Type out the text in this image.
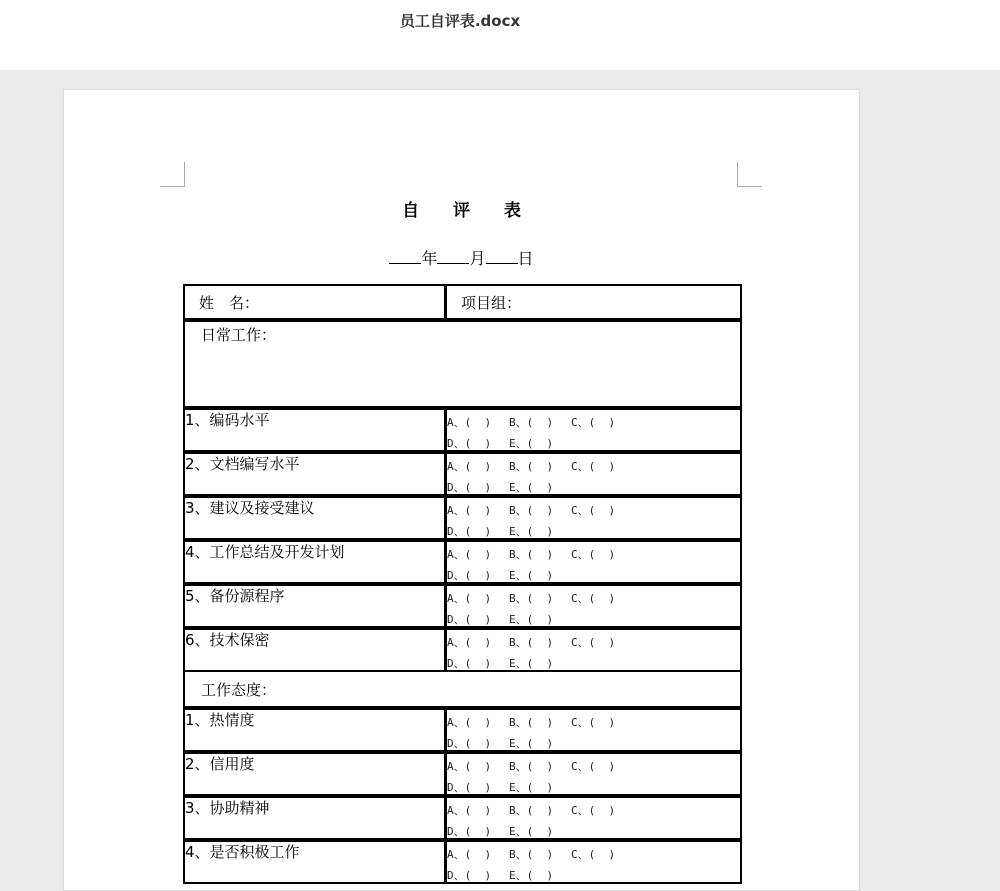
员工自评表.docx
自 评 表
年 月 日
姓　名：	项目组：
日常工作：
1、编码水平	A、(  )	B、(  )	C、(  )
D、(  )	E、(  )
2、文档编写水平	A、(  )	B、(  )	C、(  )
D、(  )	E、(  )
3、建议及接受建议	A、(  )	B、(  )	C、(  )
D、(  )	E、(  )
4、工作总结及开发计划	A、(  )	B、(  )	C、(  )
D、(  )	E、(  )
5、备份源程序	A、(  )	B、(  )	C、(  )
D、(  )	E、(  )
6、技术保密	A、(  )	B、(  )	C、(  )
D、(  )	E、(  )
工作态度：
1、热情度	A、(  )	B、(  )	C、(  )
D、(  )	E、(  )
2、信用度	A、(  )	B、(  )	C、(  )
D、(  )	E、(  )
3、协助精神	A、(  )	B、(  )	C、(  )
D、(  )	E、(  )
4、是否积极工作	A、(  )	B、(  )	C、(  )
D、(  )	E、(  )
